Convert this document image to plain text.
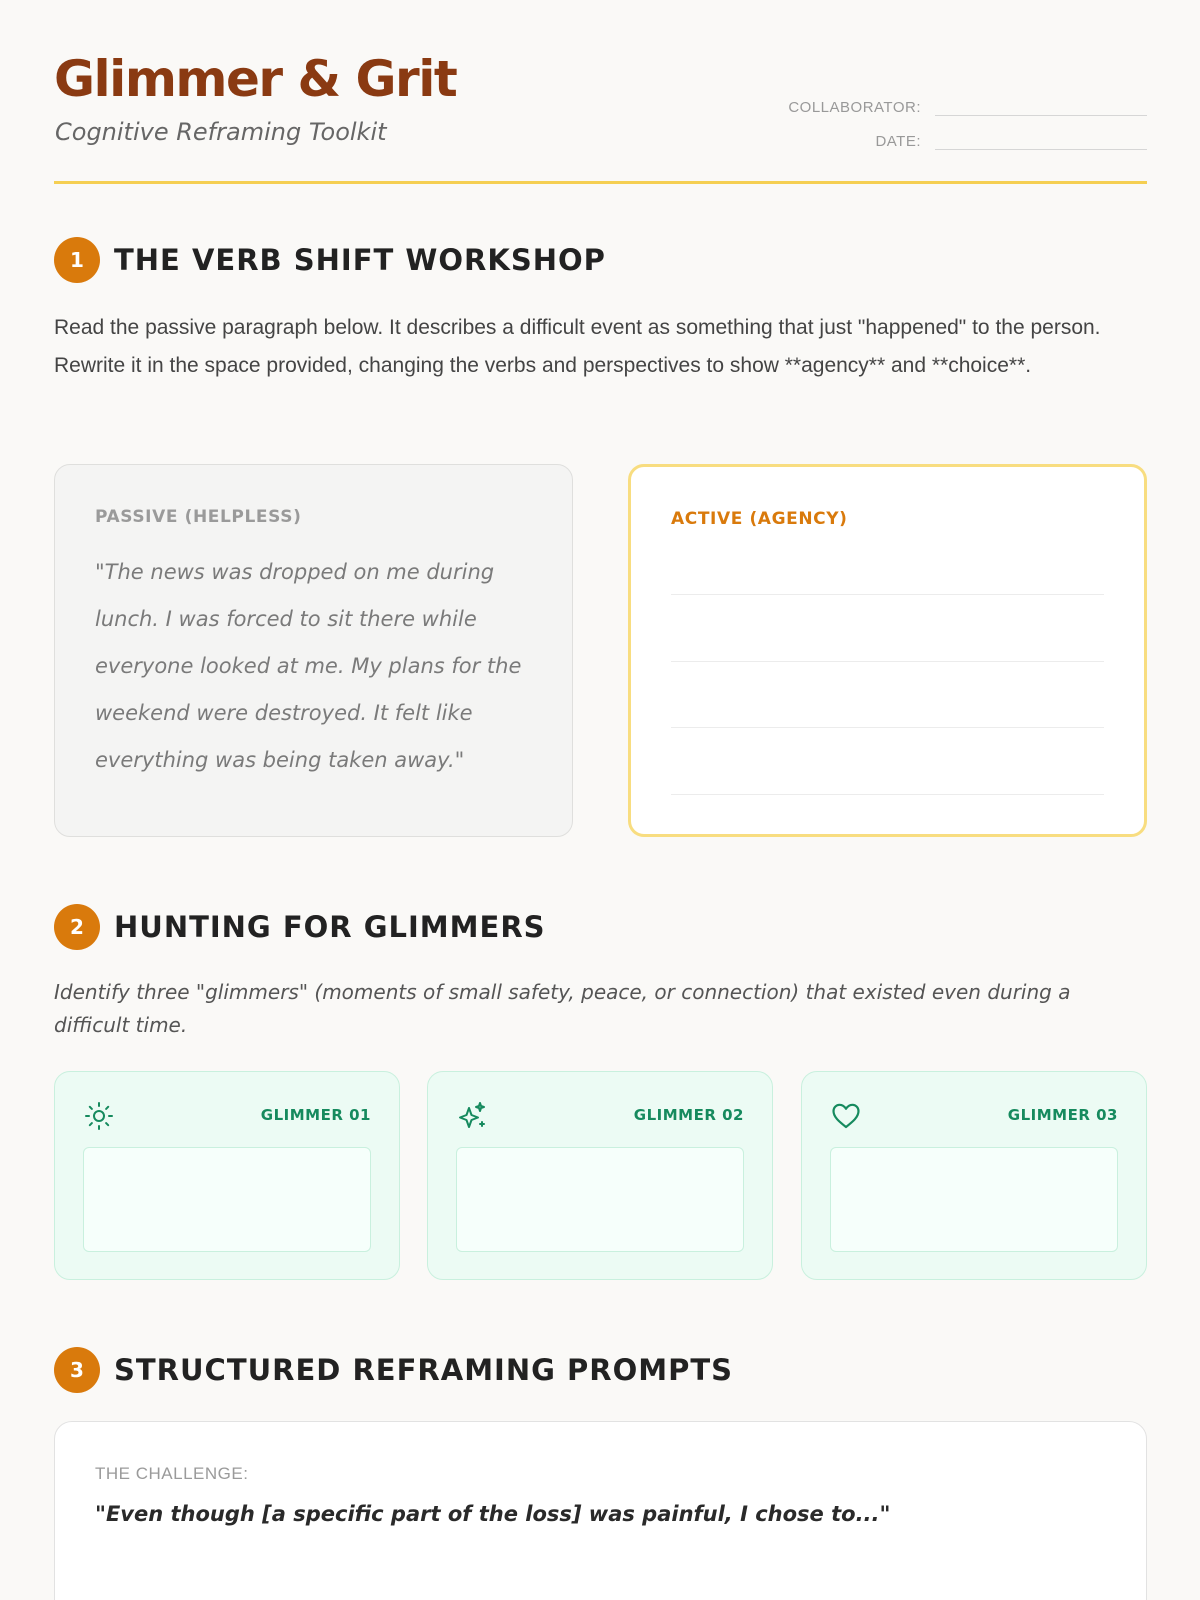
Glimmer & Grit
Cognitive Reframing Toolkit
COLLABORATOR:
DATE:
1	THE VERB SHIFT WORKSHOP

Read the passive paragraph below. It describes a difficult event as something that just "happened" to the person. Rewrite it in the space provided, changing the verbs and perspectives to show **agency** and **choice**.

PASSIVE (HELPLESS)
"The news was dropped on me during lunch. I was forced to sit there while everyone looked at me. My plans for the weekend were destroyed. It felt like everything was being taken away."
ACTIVE (AGENCY)
2	HUNTING FOR GLIMMERS

Identify three "glimmers" (moments of small safety, peace, or connection) that existed even during a difficult time.

GLIMMER 01	GLIMMER 02	GLIMMER 03
3	STRUCTURED REFRAMING PROMPTS
THE CHALLENGE:
"Even though [a specific part of the loss] was painful, I chose to..."
